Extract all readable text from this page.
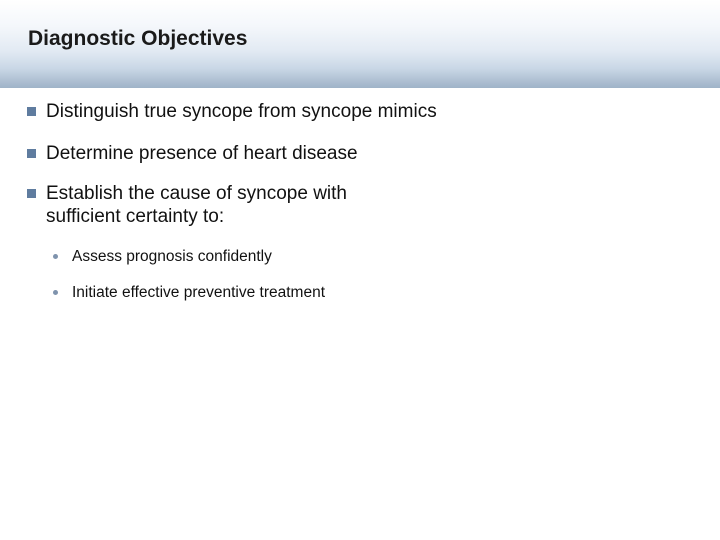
Diagnostic Objectives
Distinguish true syncope from syncope mimics
Determine presence of heart disease
Establish the cause of syncope with
sufficient certainty to:
Assess prognosis confidently
Initiate effective preventive treatment
